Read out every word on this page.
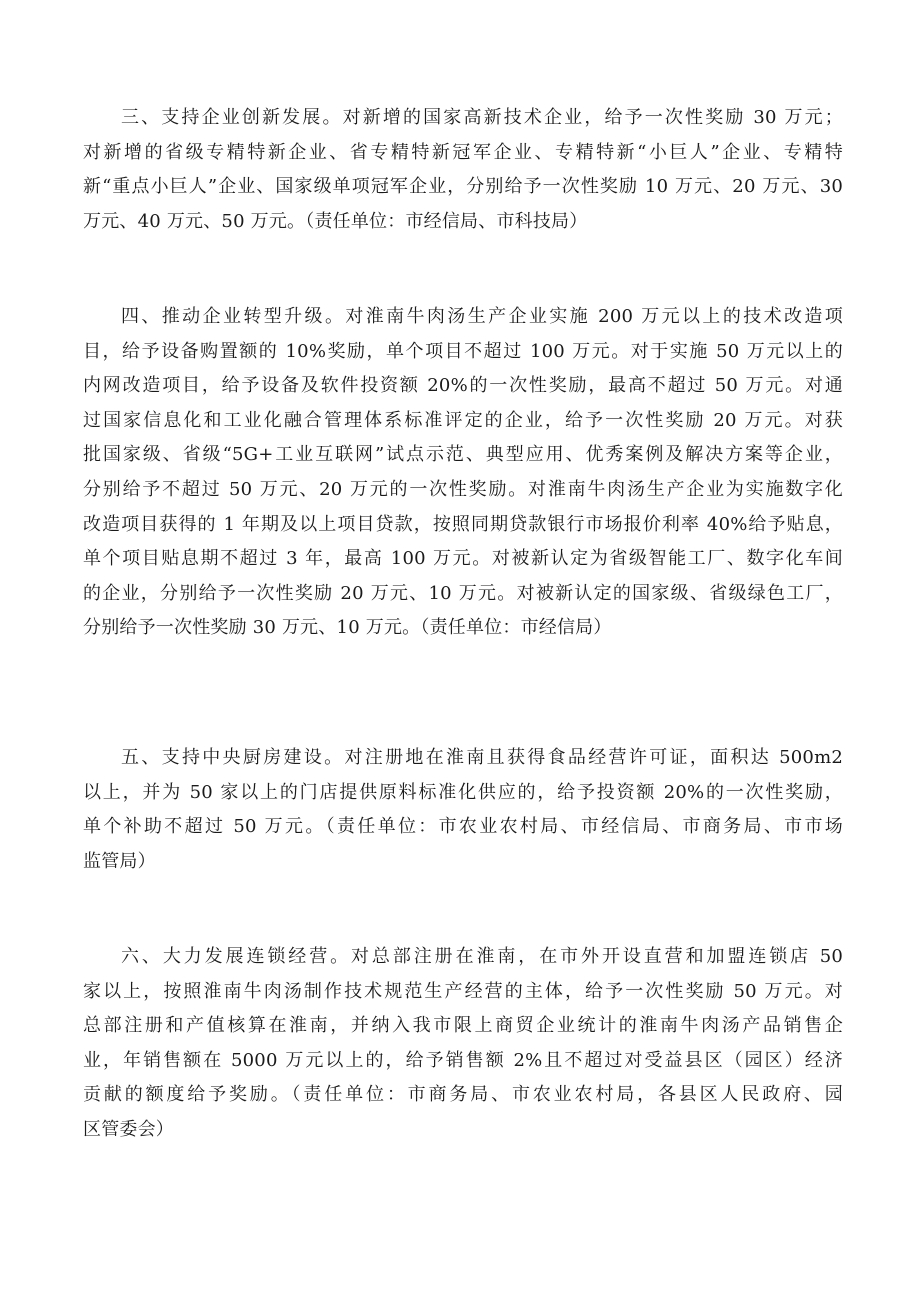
三、支持企业创新发展。对新增的国家高新技术企业，给予一次性奖励 30 万元；
对新增的省级专精特新企业、省专精特新冠军企业、专精特新“小巨人”企业、专精特
新“重点小巨人”企业、国家级单项冠军企业，分别给予一次性奖励 10 万元、20 万元、30
万元、40 万元、50 万元。（责任单位：市经信局、市科技局）
四、推动企业转型升级。对淮南牛肉汤生产企业实施 200 万元以上的技术改造项
目，给予设备购置额的 10%奖励，单个项目不超过 100 万元。对于实施 50 万元以上的
内网改造项目，给予设备及软件投资额 20%的一次性奖励，最高不超过 50 万元。对通
过国家信息化和工业化融合管理体系标准评定的企业，给予一次性奖励 20 万元。对获
批国家级、省级“5G+工业互联网”试点示范、典型应用、优秀案例及解决方案等企业，
分别给予不超过 50 万元、20 万元的一次性奖励。对淮南牛肉汤生产企业为实施数字化
改造项目获得的 1 年期及以上项目贷款，按照同期贷款银行市场报价利率 40%给予贴息，
单个项目贴息期不超过 3 年，最高 100 万元。对被新认定为省级智能工厂、数字化车间
的企业，分别给予一次性奖励 20 万元、10 万元。对被新认定的国家级、省级绿色工厂，
分别给予一次性奖励 30 万元、10 万元。（责任单位：市经信局）
五、支持中央厨房建设。对注册地在淮南且获得食品经营许可证，面积达 500m2
以上，并为 50 家以上的门店提供原料标准化供应的，给予投资额 20%的一次性奖励，
单个补助不超过 50 万元。（责任单位：市农业农村局、市经信局、市商务局、市市场
监管局）
六、大力发展连锁经营。对总部注册在淮南，在市外开设直营和加盟连锁店 50
家以上，按照淮南牛肉汤制作技术规范生产经营的主体，给予一次性奖励 50 万元。对
总部注册和产值核算在淮南，并纳入我市限上商贸企业统计的淮南牛肉汤产品销售企
业，年销售额在 5000 万元以上的，给予销售额 2%且不超过对受益县区（园区）经济
贡献的额度给予奖励。（责任单位：市商务局、市农业农村局，各县区人民政府、园
区管委会）
